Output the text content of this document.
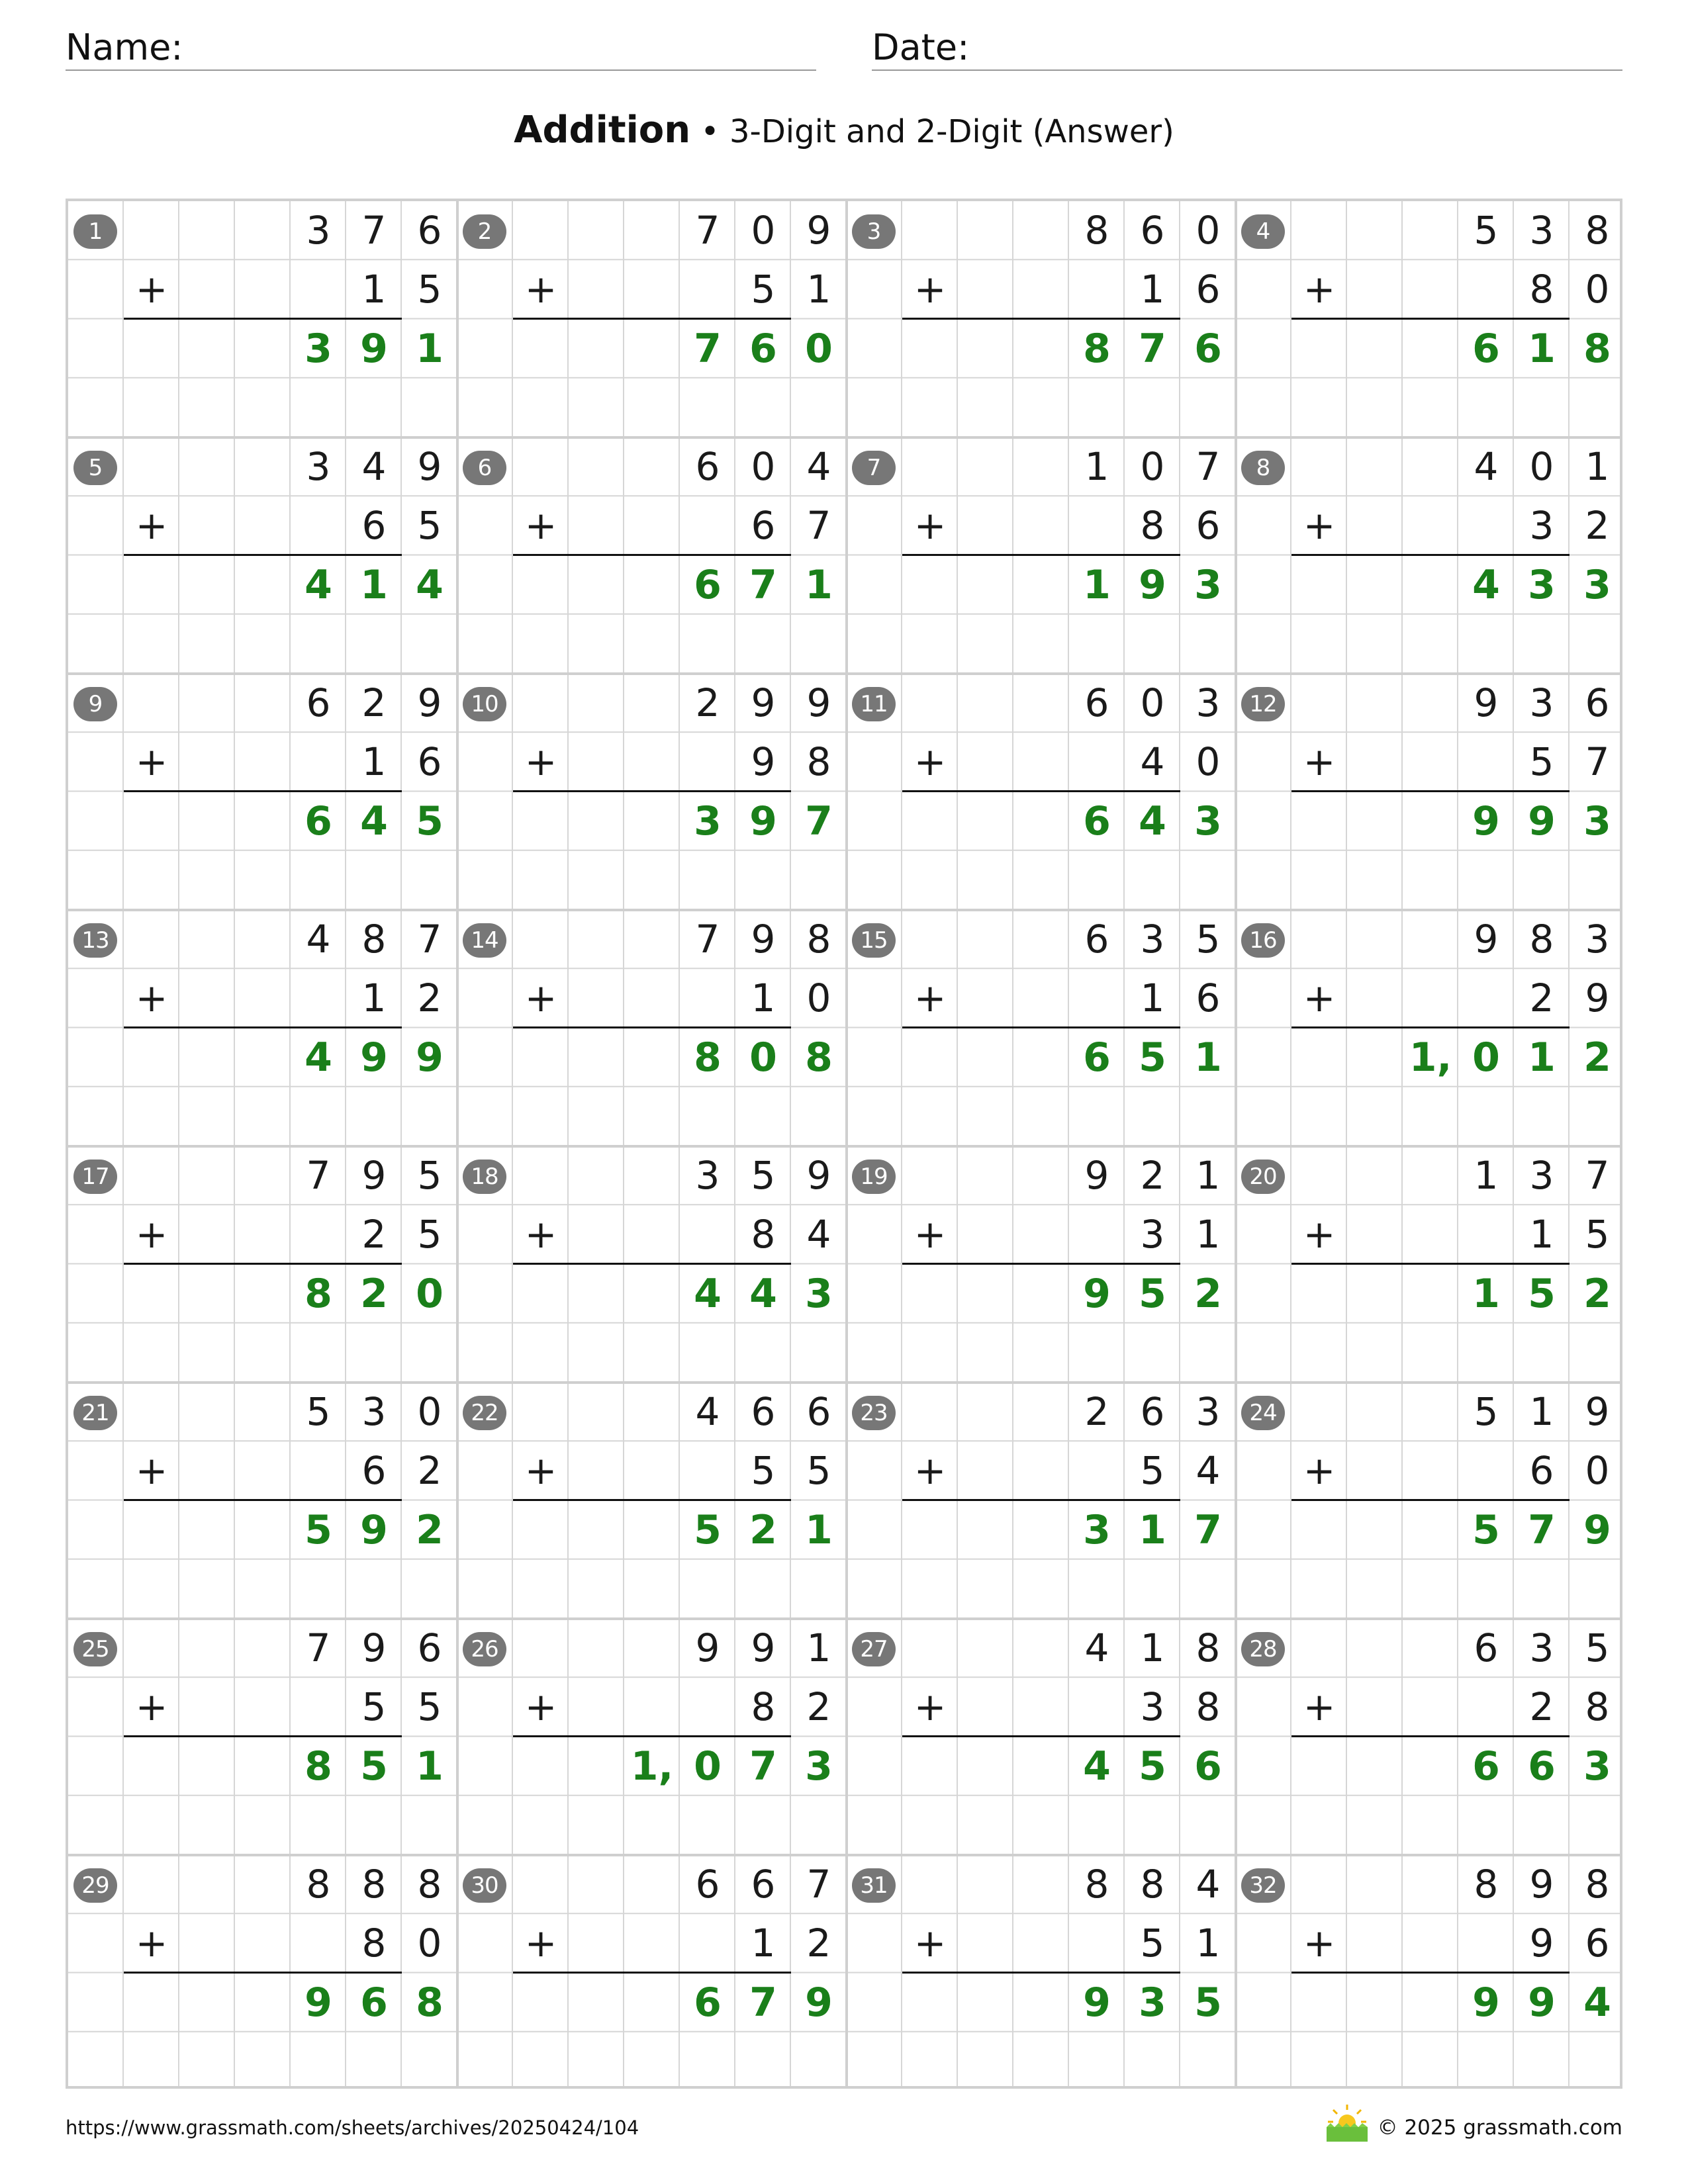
Name:	Date:
Addition • 3-Digit and 2-Digit (Answer)
1	3 7 6
+	1 5
3 9 1
2	7 0 9
+	5 1
7 6 0
3	8 6 0
+	1 6
8 7 6
4	5 3 8
+	8 0
6 1 8
5	3 4 9
+	6 5
4 1 4
6	6 0 4
+	6 7
6 7 1
7	1 0 7
+	8 6
1 9 3
8	4 0 1
+	3 2
4 3 3
9	6 2 9
+	1 6
6 4 5
10	2 9 9
+	9 8
3 9 7
11	6 0 3
+	4 0
6 4 3
12	9 3 6
+	5 7
9 9 3
13	4 8 7
+	1 2
4 9 9
14	7 9 8
+	1 0
8 0 8
15	6 3 5
+	1 6
6 5 1
16	9 8 3
+	2 9
1, 0 1 2
17	7 9 5
+	2 5
8 2 0
18	3 5 9
+	8 4
4 4 3
19	9 2 1
+	3 1
9 5 2
20	1 3 7
+	1 5
1 5 2
21	5 3 0
+	6 2
5 9 2
22	4 6 6
+	5 5
5 2 1
23	2 6 3
+	5 4
3 1 7
24	5 1 9
+	6 0
5 7 9
25	7 9 6
+	5 5
8 5 1
26	9 9 1
+	8 2
1, 0 7 3
27	4 1 8
+	3 8
4 5 6
28	6 3 5
+	2 8
6 6 3
29	8 8 8
+	8 0
9 6 8
30	6 6 7
+	1 2
6 7 9
31	8 8 4
+	5 1
9 3 5
32	8 9 8
+	9 6
9 9 4
https://www.grassmath.com/sheets/archives/20250424/104	© 2025 grassmath.com
